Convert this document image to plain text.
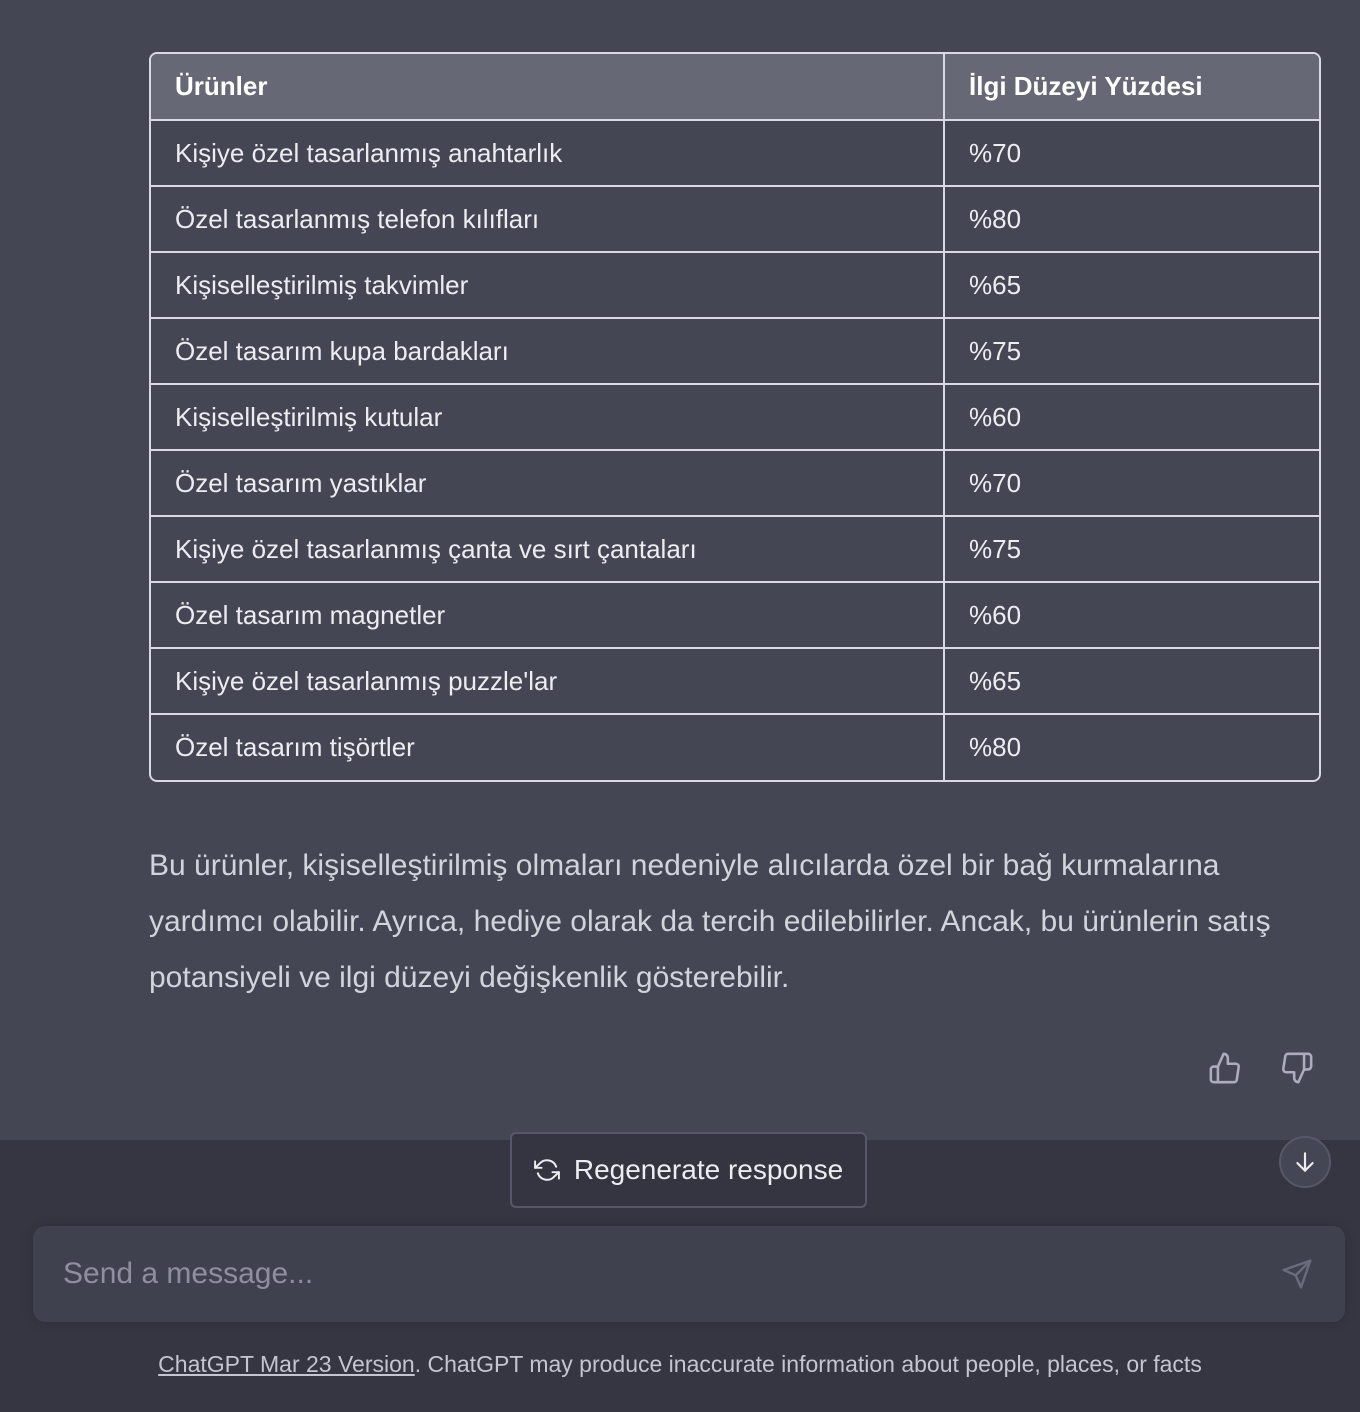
Ürünler	İlgi Düzeyi Yüzdesi
Kişiye özel tasarlanmış anahtarlık	%70
Özel tasarlanmış telefon kılıfları	%80
Kişiselleştirilmiş takvimler	%65
Özel tasarım kupa bardakları	%75
Kişiselleştirilmiş kutular	%60
Özel tasarım yastıklar	%70
Kişiye özel tasarlanmış çanta ve sırt çantaları	%75
Özel tasarım magnetler	%60
Kişiye özel tasarlanmış puzzle'lar	%65
Özel tasarım tişörtler	%80

Bu ürünler, kişiselleştirilmiş olmaları nedeniyle alıcılarda özel bir bağ kurmalarına yardımcı olabilir. Ayrıca, hediye olarak da tercih edilebilirler. Ancak, bu ürünlerin satış potansiyeli ve ilgi düzeyi değişkenlik gösterebilir.

Regenerate response
Send a message...
ChatGPT Mar 23 Version. ChatGPT may produce inaccurate information about people, places, or facts
